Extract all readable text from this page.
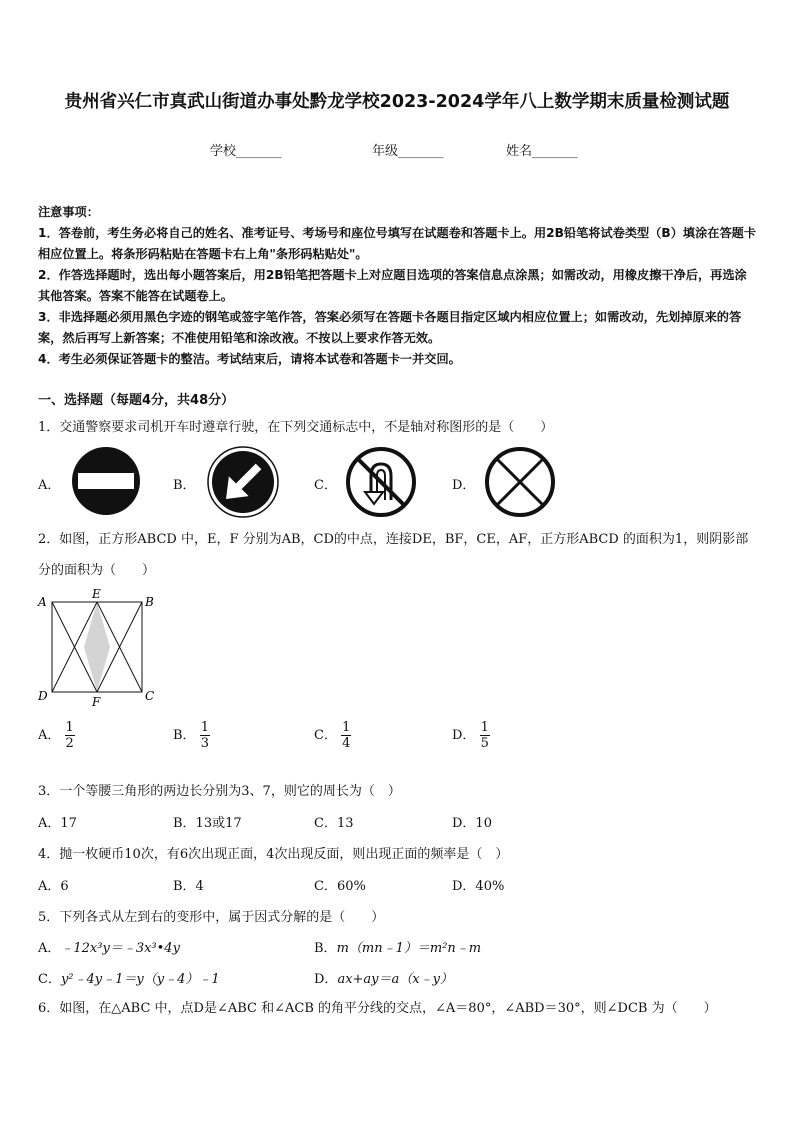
贵州省兴仁市真武山街道办事处黔龙学校2023-2024学年八上数学期末质量检测试题
学校_______	年级_______	姓名_______

注意事项：

1．答卷前，考生务必将自己的姓名、准考证号、考场号和座位号填写在试题卷和答题卡上。用2B铅笔将试卷类型（B）填涂在答题卡相应位置上。将条形码粘贴在答题卡右上角"条形码粘贴处"。

2．作答选择题时，选出每小题答案后，用2B铅笔把答题卡上对应题目选项的答案信息点涂黑；如需改动，用橡皮擦干净后，再选涂其他答案。答案不能答在试题卷上。

3．非选择题必须用黑色字迹的钢笔或签字笔作答，答案必须写在答题卡各题目指定区域内相应位置上；如需改动，先划掉原来的答案，然后再写上新答案；不准使用铅笔和涂改液。不按以上要求作答无效。

4．考生必须保证答题卡的整洁。考试结束后，请将本试卷和答题卡一并交回。

一、选择题（每题4分，共48分）
1．交通警察要求司机开车时遵章行驶，在下列交通标志中，不是轴对称图形的是（　　）
A．	B．	C．	D．
2．如图，正方形ABCD 中，E，F 分别为AB，CD的中点，连接DE，BF，CE，AF，正方形ABCD 的面积为1，则阴影部分的面积为（　　）
A	B
C
D
E
F
A． $\frac{1}{2}$	B． $\frac{1}{3}$	C． $\frac{1}{4}$	D． $\frac{1}{5}$
3．一个等腰三角形的两边长分别为3、7，则它的周长为（　）
A．17	B．13或17	C．13	D．10
4．抛一枚硬币10次，有6次出现正面，4次出现反面，则出现正面的频率是（　）
A．6	B．4	C．60%	D．40%
5．下列各式从左到右的变形中，属于因式分解的是（　　）
A．﹣12x³y＝﹣3x³•4y	B．m（mn﹣1）＝m²n﹣m
C．y²﹣4y﹣1＝y（y﹣4）﹣1	D．ax+ay＝a（x﹣y）
6．如图，在△ABC 中，点D是∠ABC 和∠ACB 的角平分线的交点，∠A＝80°，∠ABD＝30°，则∠DCB 为（　　）
